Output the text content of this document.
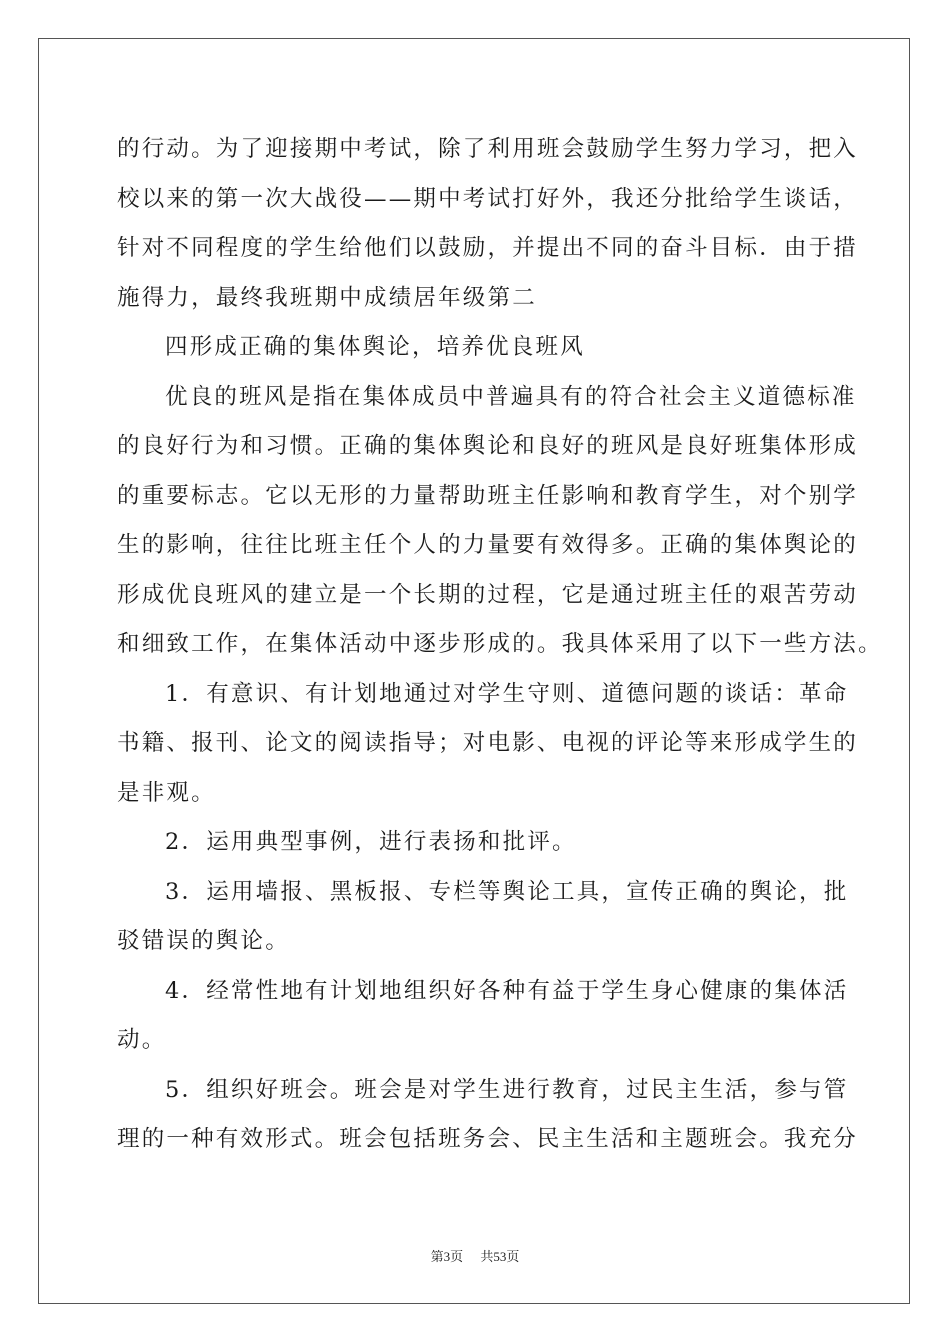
的行动。为了迎接期中考试，除了利用班会鼓励学生努力学习，把入
校以来的第一次大战役——期中考试打好外，我还分批给学生谈话，
针对不同程度的学生给他们以鼓励，并提出不同的奋斗目标．由于措
施得力，最终我班期中成绩居年级第二
四形成正确的集体舆论，培养优良班风
优良的班风是指在集体成员中普遍具有的符合社会主义道德标准
的良好行为和习惯。正确的集体舆论和良好的班风是良好班集体形成
的重要标志。它以无形的力量帮助班主任影响和教育学生，对个别学
生的影响，往往比班主任个人的力量要有效得多。正确的集体舆论的
形成优良班风的建立是一个长期的过程，它是通过班主任的艰苦劳动
和细致工作，在集体活动中逐步形成的。我具体采用了以下一些方法。
1．有意识、有计划地通过对学生守则、道德问题的谈话：革命
书籍、报刊、论文的阅读指导；对电影、电视的评论等来形成学生的
是非观。
2．运用典型事例，进行表扬和批评。
3．运用墙报、黑板报、专栏等舆论工具，宣传正确的舆论，批
驳错误的舆论。
4．经常性地有计划地组织好各种有益于学生身心健康的集体活
动。
5．组织好班会。班会是对学生进行教育，过民主生活，参与管
理的一种有效形式。班会包括班务会、民主生活和主题班会。我充分
第3页 共53页
